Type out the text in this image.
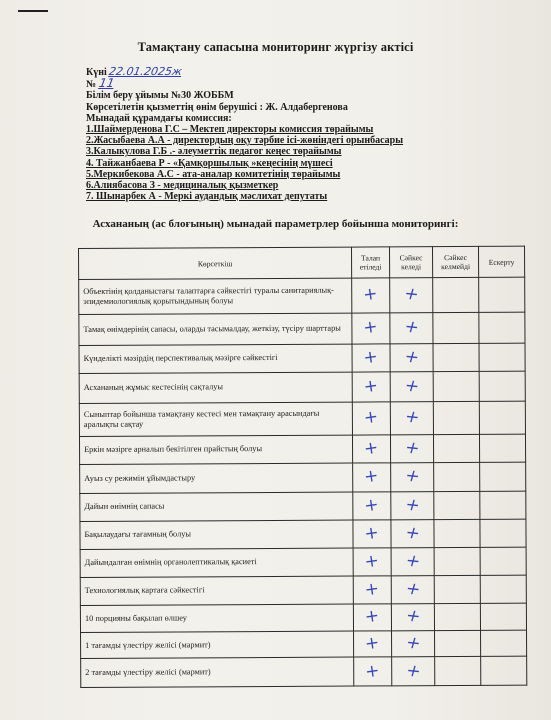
Тамақтану сапасына мониторинг жүргізу актісі
Күні 22.01.2025ж
№ 11
Білім беру ұйымы №30 ЖОББМ
Көрсетілетін қызметтің өнім берушісі : Ж. Алдабергенова
Мынадай құрамдағы комиссия:
1.Шаймерденова Г.С – Мектеп директоры комиссия төрайымы
2.Жасыбаева А.А - директордың оқу тәрбие ісі-жөніндегі орынбасары
3.Калыкулова Г.Б .- әлеуметтік педагог кеңес төрайымы
4. Тайжанбаева Р - «Қамқоршылық »кеңесінің мүшесі
5.Меркибекова А.С - ата-аналар комитетінің төрайымы
6.Алиябасова З - медициналық қызметкер
7. Шынарбек А - Меркі аудандық мәслихат депутаты
Асхананың (ас блоғының) мынадай параметрлер бойынша мониторингі:
Көрсеткіш	Талап етіледі	Сәйкес келеді	Сәйкес келмейді	Ескерту
Объектінің қолданыстағы талаптарға сәйкестігі туралы санитариялық-эпидемиологиялық қорытындының болуы	+	+		
Тамақ өнімдерінің сапасы, оларды тасымалдау, жеткізу, түсіру шарттары	+	+		
Күнделікті мәзірдің перспективалық мәзірге сәйкестігі	+	+		
Асхананың жұмыс кестесінің сақталуы	+	+		
Сыныптар бойынша тамақтану кестесі мен тамақтану арасындағы аралықты сақтау	+	+		
Еркін мәзірге арналып бекітілген прайстың болуы	+	+		
Ауыз су режимін ұйымдастыру	+	+		
Дайын өнімнің сапасы	+	+		
Бақылаудағы тағамның болуы	+	+		
Дайындалған өнімнің органолептикалық қасиеті	+	+		
Технологиялық картаға сәйкестігі	+	+		
10 порцияны бақылап өлшеу	+	+		
1 тағамды үлестіру желісі (мармит)	+	+		
2 тағамды үлестіру желісі (мармит)	+	+		
